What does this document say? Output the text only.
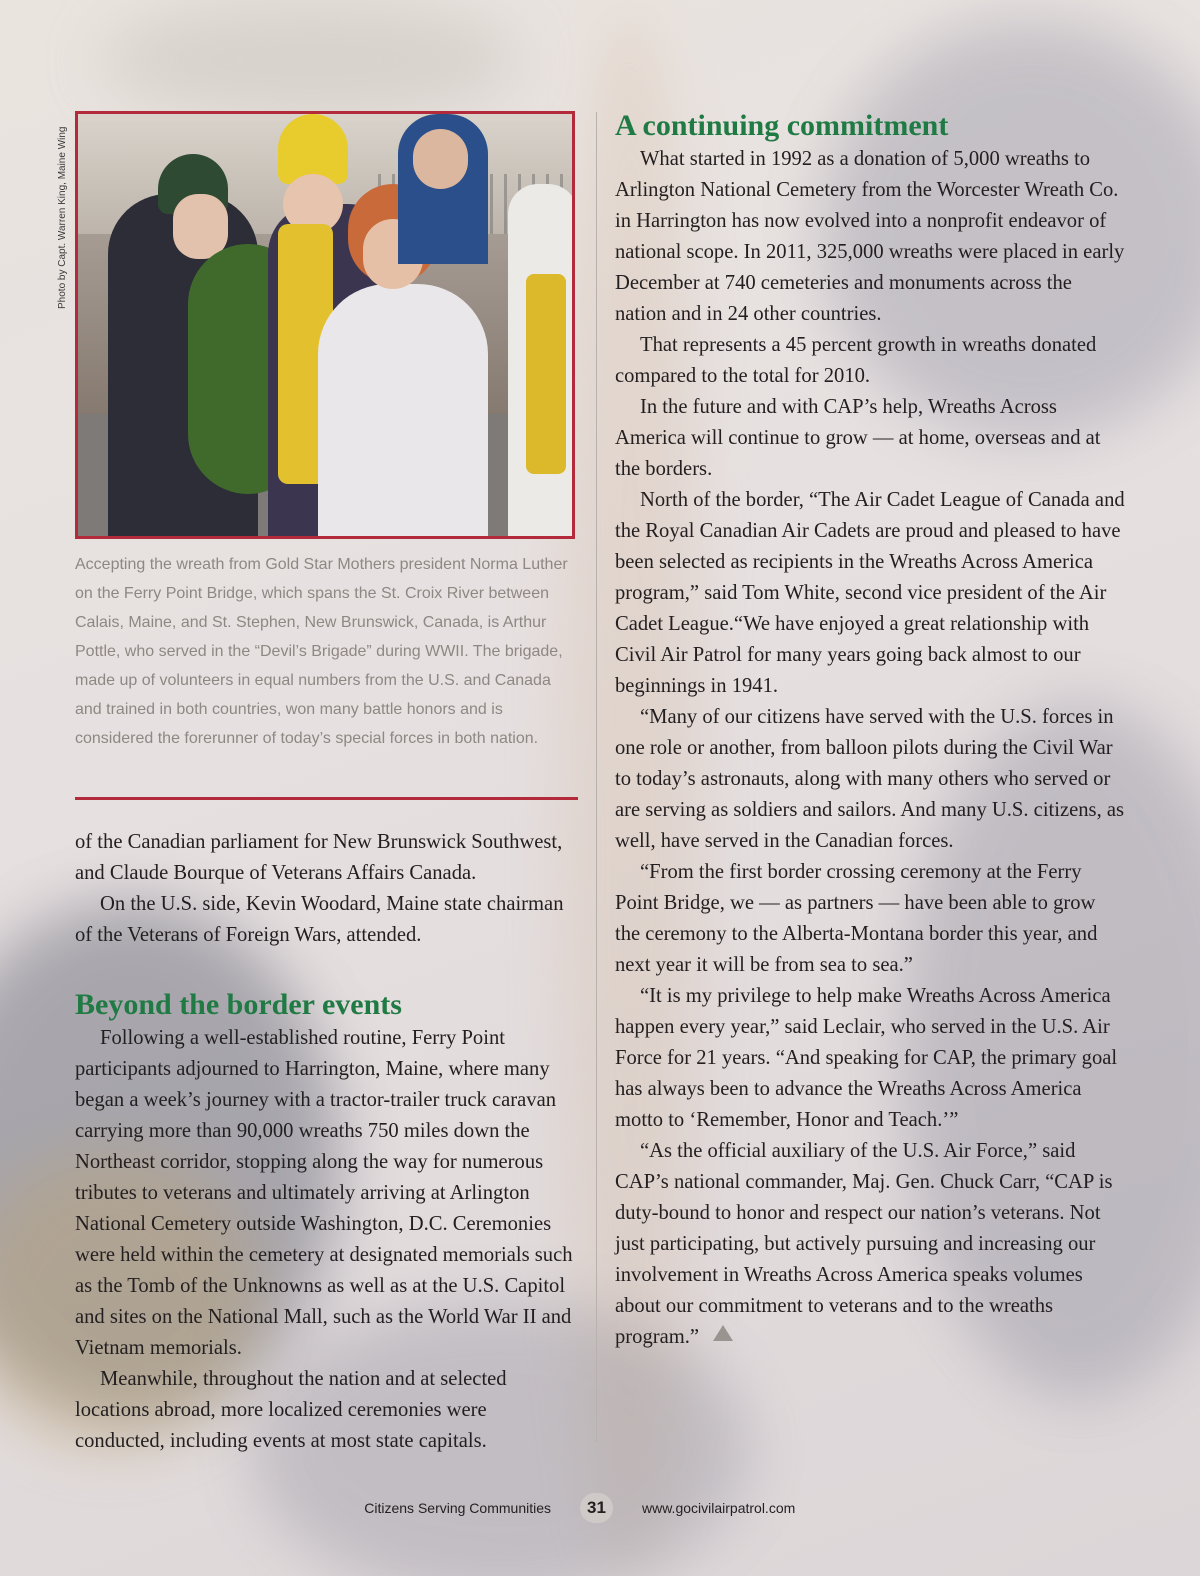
Photo by Capt. Warren King, Maine Wing
Accepting the wreath from Gold Star Mothers president Norma Luther on the Ferry Point Bridge, which spans the St. Croix River between Calais, Maine, and St. Stephen, New Brunswick, Canada, is Arthur Pottle, who served in the “Devil’s Brigade” during WWII. The brigade, made up of volunteers in equal numbers from the U.S. and Canada and trained in both countries, won many battle honors and is considered the forerunner of today’s special forces in both nation.

of the Canadian parliament for New Brunswick Southwest, and Claude Bourque of Veterans Affairs Canada.

On the U.S. side, Kevin Woodard, Maine state chairman of the Veterans of Foreign Wars, attended.

Beyond the border events

Following a well-established routine, Ferry Point participants adjourned to Harrington, Maine, where many began a week’s journey with a tractor-trailer truck caravan carrying more than 90,000 wreaths 750 miles down the Northeast corridor, stopping along the way for numerous tributes to veterans and ultimately arriving at Arlington National Cemetery outside Washington, D.C. Ceremonies were held within the cemetery at designated memorials such as the Tomb of the Unknowns as well as at the U.S. Capitol and sites on the National Mall, such as the World War II and Vietnam memorials.

Meanwhile, throughout the nation and at selected locations abroad, more localized ceremonies were conducted, including events at most state capitals.

A continuing commitment

What started in 1992 as a donation of 5,000 wreaths to Arlington National Cemetery from the Worcester Wreath Co. in Harrington has now evolved into a nonprofit endeavor of national scope. In 2011, 325,000 wreaths were placed in early December at 740 cemeteries and monuments across the nation and in 24 other countries.

That represents a 45 percent growth in wreaths donated compared to the total for 2010.

In the future and with CAP’s help, Wreaths Across America will continue to grow — at home, overseas and at the borders.

North of the border, “The Air Cadet League of Canada and the Royal Canadian Air Cadets are proud and pleased to have been selected as recipients in the Wreaths Across America program,” said Tom White, second vice president of the Air Cadet League.“We have enjoyed a great relationship with Civil Air Patrol for many years going back almost to our beginnings in 1941.

“Many of our citizens have served with the U.S. forces in one role or another, from balloon pilots during the Civil War to today’s astronauts, along with many others who served or are serving as soldiers and sailors. And many U.S. citizens, as well, have served in the Canadian forces.

“From the first border crossing ceremony at the Ferry Point Bridge, we — as partners — have been able to grow the ceremony to the Alberta-Montana border this year, and next year it will be from sea to sea.”

“It is my privilege to help make Wreaths Across America happen every year,” said Leclair, who served in the U.S. Air Force for 21 years. “And speaking for CAP, the primary goal has always been to advance the Wreaths Across America motto to ‘Remember, Honor and Teach.’”

“As the official auxiliary of the U.S. Air Force,” said CAP’s national commander, Maj. Gen. Chuck Carr, “CAP is duty-bound to honor and respect our nation’s veterans. Not just participating, but actively pursuing and increasing our involvement in Wreaths Across America speaks volumes about our commitment to veterans and to the wreaths program.”

Citizens Serving Communities	31	www.gocivilairpatrol.com
